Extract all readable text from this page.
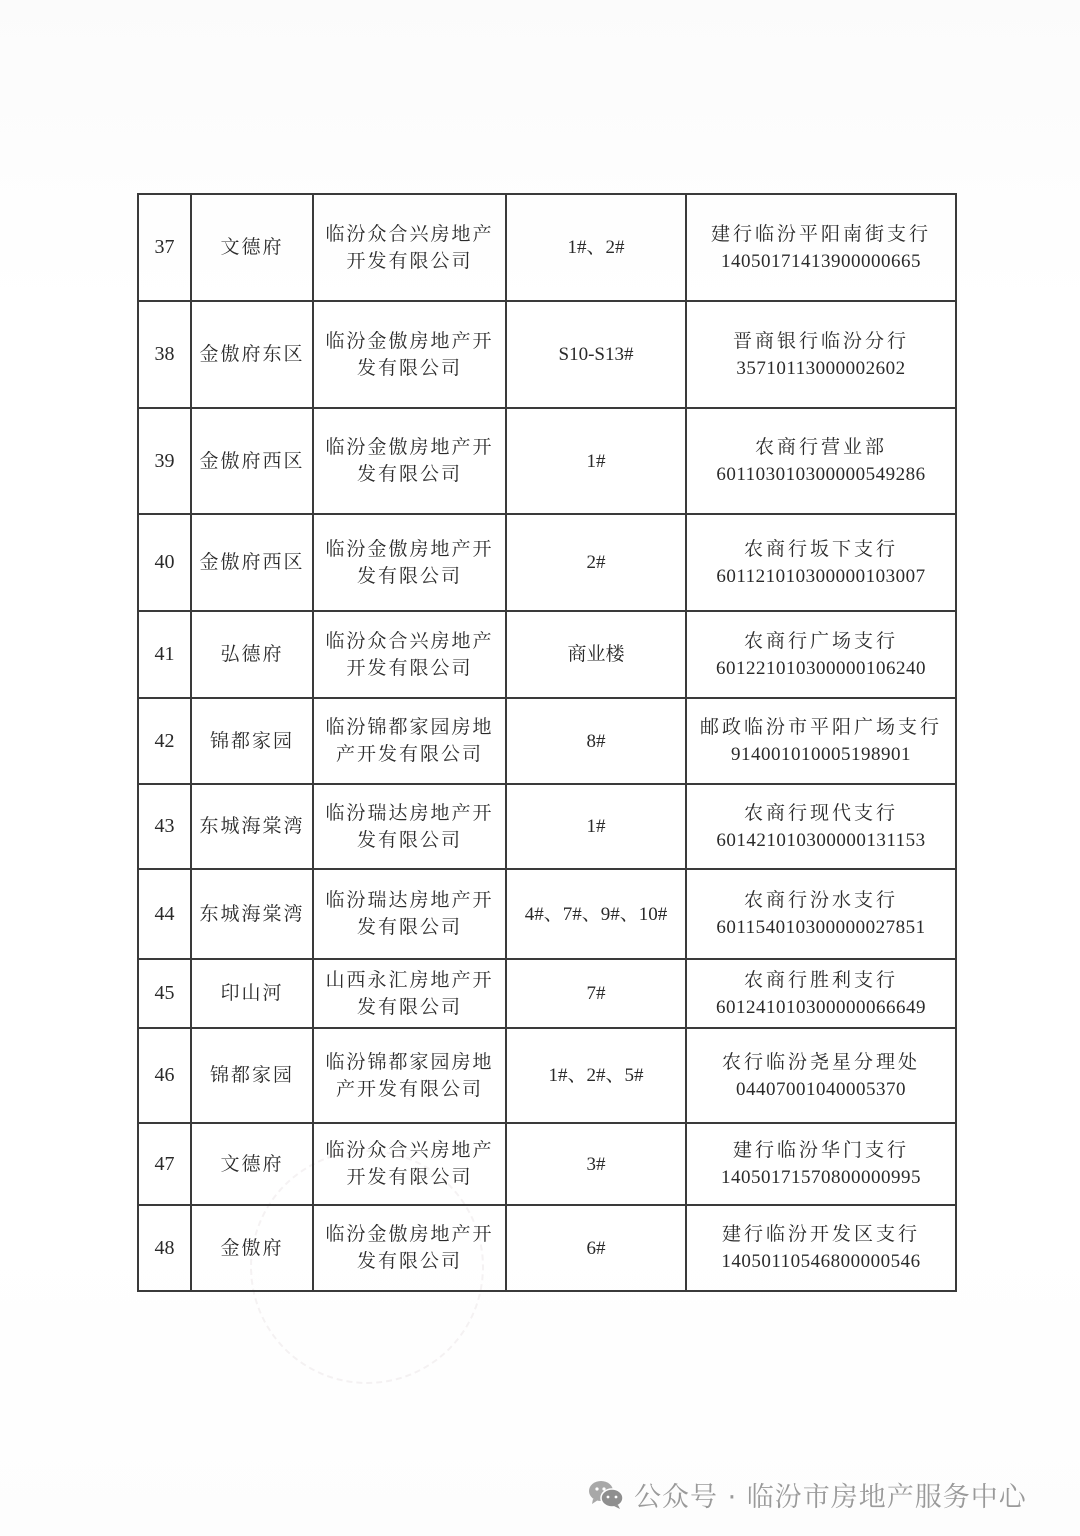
37	文德府	临汾众合兴房地产
开发有限公司	1#、2#	建行临汾平阳南街支行
14050171413900000665

38	金傲府东区	临汾金傲房地产开
发有限公司	S10-S13#	晋商银行临汾分行
35710113000002602

39	金傲府西区	临汾金傲房地产开
发有限公司	1#	农商行营业部
601103010300000549286

40	金傲府西区	临汾金傲房地产开
发有限公司	2#	农商行坂下支行
601121010300000103007

41	弘德府	临汾众合兴房地产
开发有限公司	商业楼	农商行广场支行
601221010300000106240

42	锦都家园	临汾锦都家园房地
产开发有限公司	8#	邮政临汾市平阳广场支行
914001010005198901

43	东城海棠湾	临汾瑞达房地产开
发有限公司	1#	农商行现代支行
601421010300000131153

44	东城海棠湾	临汾瑞达房地产开
发有限公司	4#、7#、9#、10#	农商行汾水支行
601154010300000027851

45	印山河	山西永汇房地产开
发有限公司	7#	农商行胜利支行
601241010300000066649

46	锦都家园	临汾锦都家园房地
产开发有限公司	1#、2#、5#	农行临汾尧星分理处
04407001040005370

47	文德府	临汾众合兴房地产
开发有限公司	3#	建行临汾华门支行
14050171570800000995

48	金傲府	临汾金傲房地产开
发有限公司	6#	建行临汾开发区支行
14050110546800000546
公众号 · 临汾市房地产服务中心
